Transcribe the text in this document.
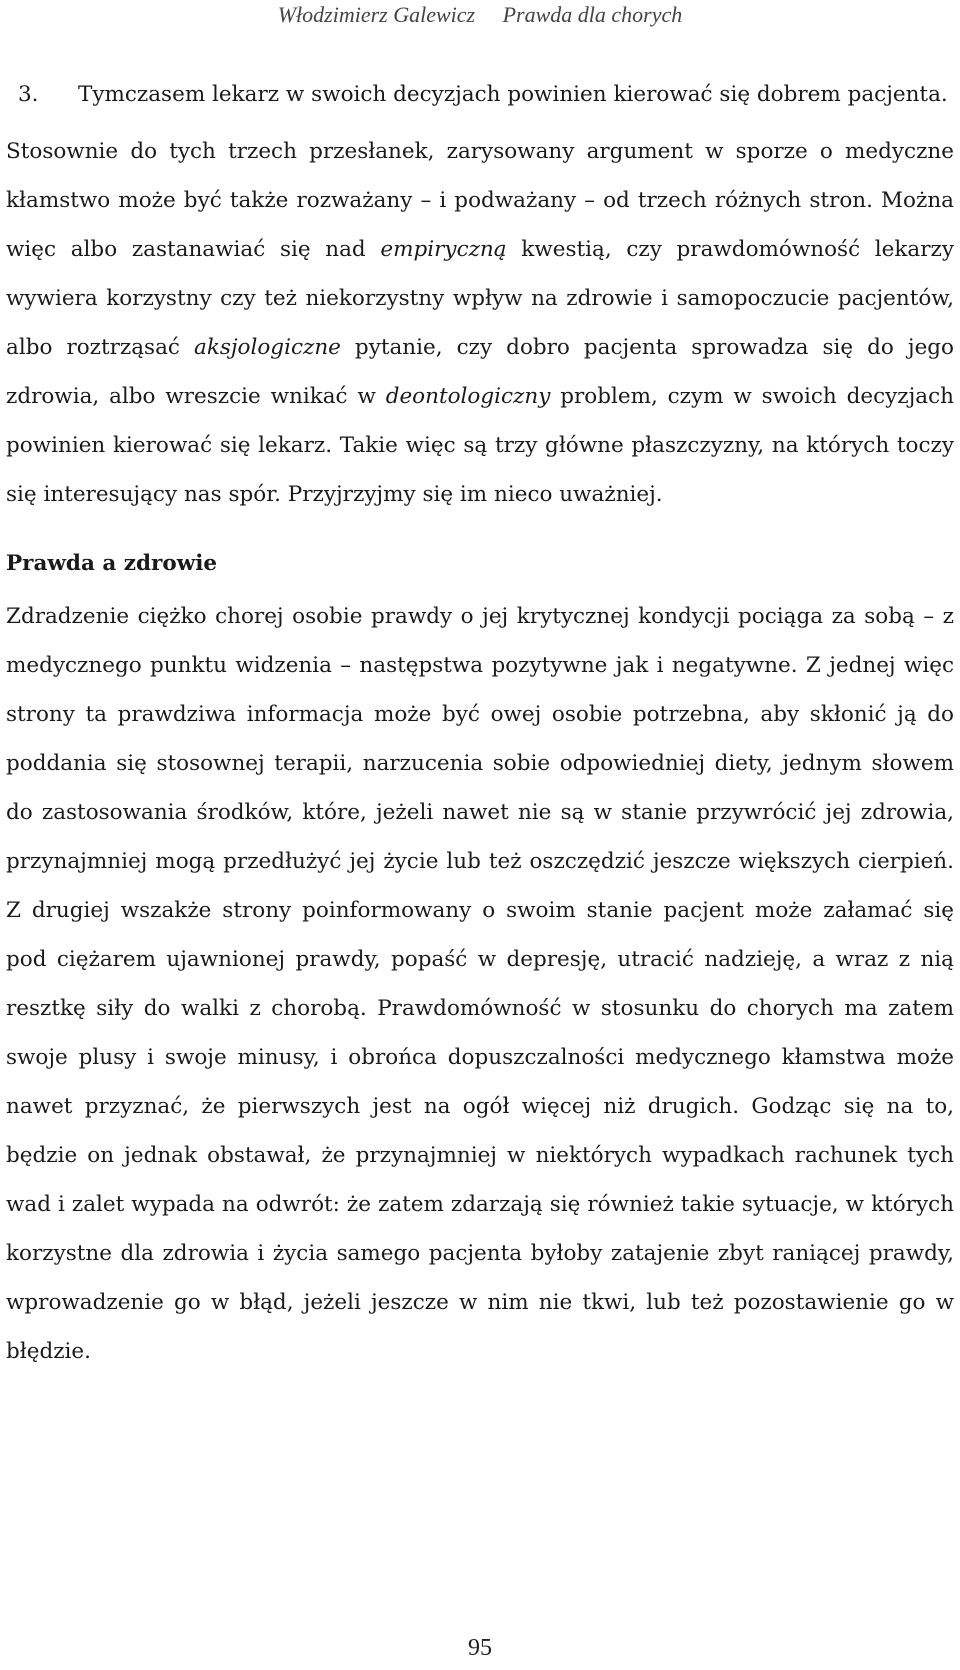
Włodzimierz Galewicz Prawda dla chorych
3. Tymczasem lekarz w swoich decyzjach powinien kierować się dobrem pacjenta.

Stosownie do tych trzech przesłanek, zarysowany argument w sporze o medyczne kłamstwo może być także rozważany – i podważany – od trzech różnych stron. Można więc albo zastanawiać się nad empiryczną kwestią, czy prawdomówność lekarzy wywiera korzystny czy też niekorzystny wpływ na zdrowie i samopoczucie pacjentów, albo roztrząsać aksjologiczne pytanie, czy dobro pacjenta sprowadza się do jego zdrowia, albo wreszcie wnikać w deontologiczny problem, czym w swoich decyzjach powinien kierować się lekarz. Takie więc są trzy główne płaszczyzny, na których toczy się interesujący nas spór. Przyjrzyjmy się im nieco uważniej.

Prawda a zdrowie

Zdradzenie ciężko chorej osobie prawdy o jej krytycznej kondycji pociąga za sobą – z medycznego punktu widzenia – następstwa pozytywne jak i negatywne. Z jednej więc strony ta prawdziwa informacja może być owej osobie potrzebna, aby skłonić ją do poddania się stosownej terapii, narzucenia sobie odpowiedniej diety, jednym słowem do zastosowania środków, które, jeżeli nawet nie są w stanie przywrócić jej zdrowia, przynajmniej mogą przedłużyć jej życie lub też oszczędzić jeszcze większych cierpień. Z drugiej wszakże strony poinformowany o swoim stanie pacjent może załamać się pod ciężarem ujawnionej prawdy, popaść w depresję, utracić nadzieję, a wraz z nią resztkę siły do walki z chorobą. Prawdomówność w stosunku do chorych ma zatem swoje plusy i swoje minusy, i obrońca dopuszczalności medycznego kłamstwa może nawet przyznać, że pierwszych jest na ogół więcej niż drugich. Godząc się na to, będzie on jednak obstawał, że przynajmniej w niektórych wypadkach rachunek tych wad i zalet wypada na odwrót: że zatem zdarzają się również takie sytuacje, w których korzystne dla zdrowia i życia samego pacjenta byłoby zatajenie zbyt raniącej prawdy, wprowadzenie go w błąd, jeżeli jeszcze w nim nie tkwi, lub też pozostawienie go w błędzie.

95
